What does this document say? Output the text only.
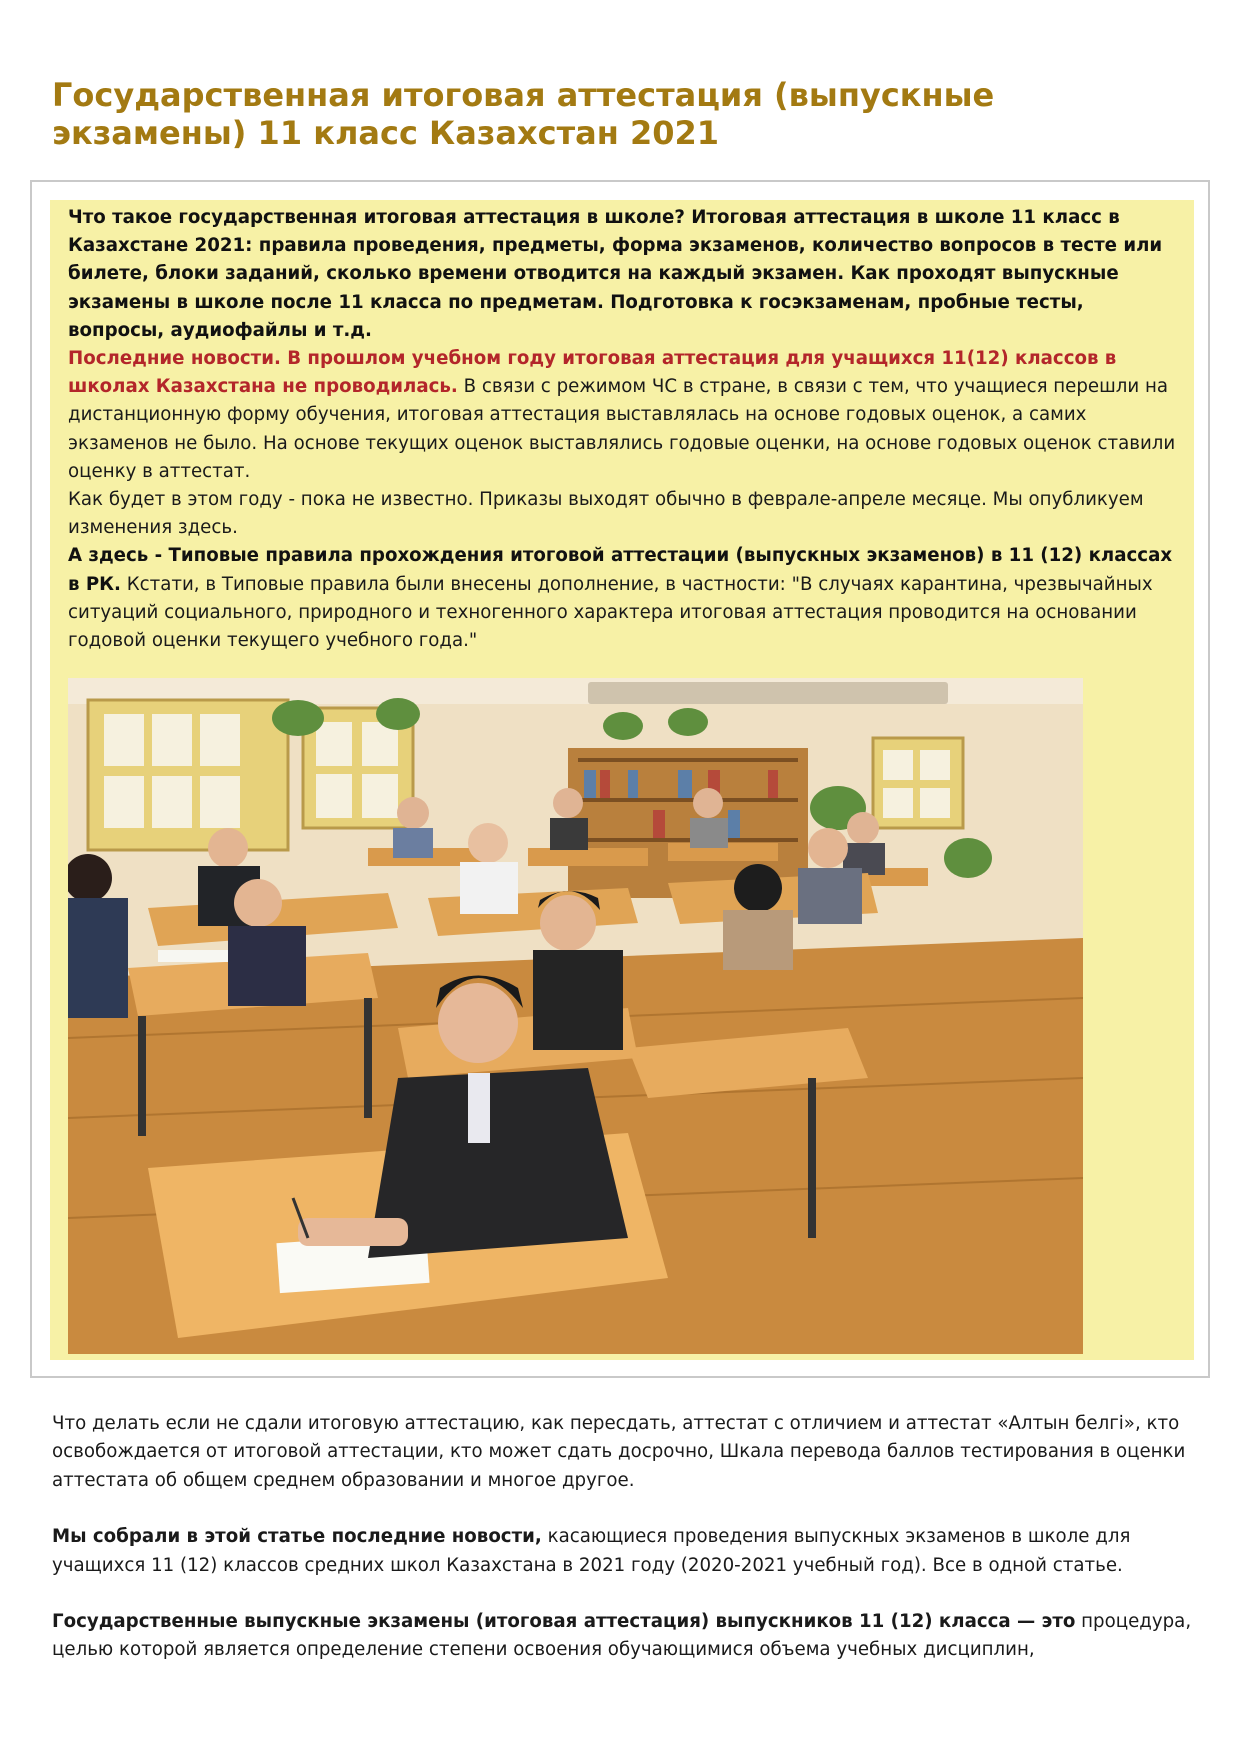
Государственная итоговая аттестация (выпускные экзамены) 11 класс Казахстан 2021

Что такое государственная итоговая аттестация в школе? Итоговая аттестация в школе 11 класс в Казахстане 2021: правила проведения, предметы, форма экзаменов, количество вопросов в тесте или билете, блоки заданий, сколько времени отводится на каждый экзамен. Как проходят выпускные экзамены в школе после 11 класса по предметам. Подготовка к госэкзаменам, пробные тесты, вопросы, аудиофайлы и т.д.

Последние новости. В прошлом учебном году итоговая аттестация для учащихся 11(12) классов в школах Казахстана не проводилась. В связи с режимом ЧС в стране, в связи с тем, что учащиеся перешли на дистанционную форму обучения, итоговая аттестация выставлялась на основе годовых оценок, а самих экзаменов не было. На основе текущих оценок выставлялись годовые оценки, на основе годовых оценок ставили оценку в аттестат.

Как будет в этом году - пока не известно. Приказы выходят обычно в феврале-апреле месяце. Мы опубликуем изменения здесь.

А здесь - Типовые правила прохождения итоговой аттестации (выпускных экзаменов) в 11 (12) классах в РК. Кстати, в Типовые правила были внесены дополнение, в частности: "В случаях карантина, чрезвычайных ситуаций социального, природного и техногенного характера итоговая аттестация проводится на основании годовой оценки текущего учебного года."

Что делать если не сдали итоговую аттестацию, как пересдать, аттестат с отличием и аттестат «Алтын белгі», кто освобождается от итоговой аттестации, кто может сдать досрочно, Шкала перевода баллов тестирования в оценки аттестата об общем среднем образовании и многое другое.

Мы собрали в этой статье последние новости, касающиеся проведения выпускных экзаменов в школе для учащихся 11 (12) классов средних школ Казахстана в 2021 году (2020-2021 учебный год). Все в одной статье.

Государственные выпускные экзамены (итоговая аттестация) выпускников 11 (12) класса — это процедура, целью которой является определение степени освоения обучающимися объема учебных дисциплин,
